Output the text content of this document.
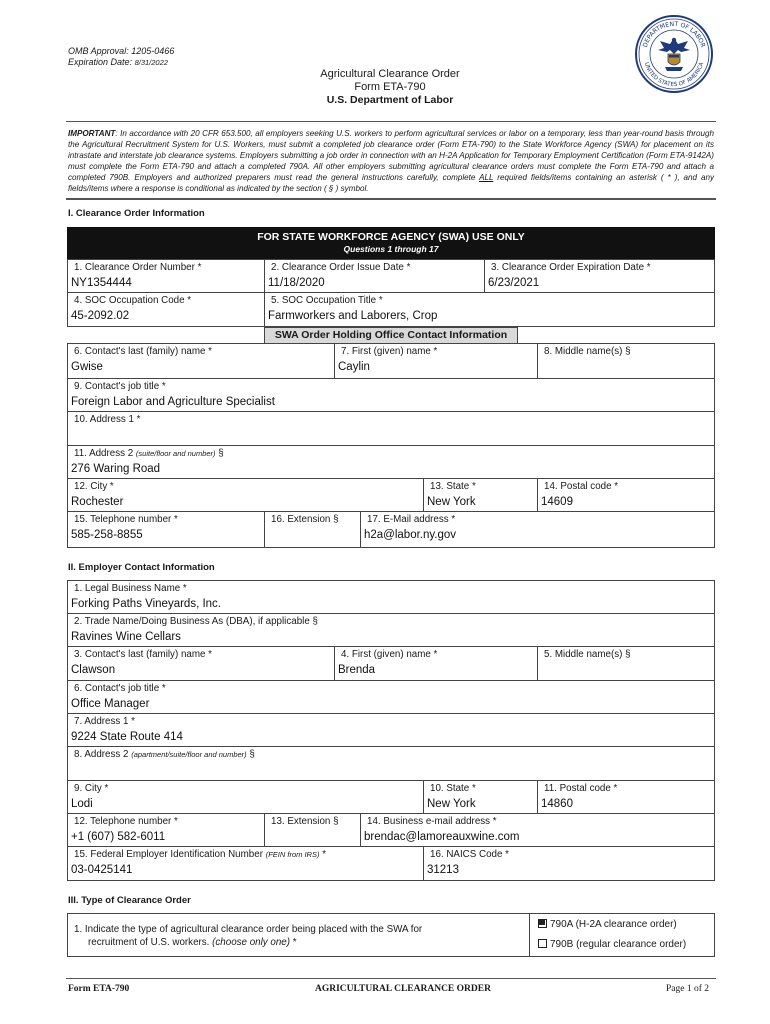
OMB Approval: 1205-0466
Expiration Date: 8/31/2022
DEPARTMENT OF LABOR
UNITED STATES OF AMERICA
Agricultural Clearance Order
Form ETA-790
U.S. Department of Labor
IMPORTANT: In accordance with 20 CFR 653.500, all employers seeking U.S. workers to perform agricultural services or labor on a temporary, less than year-round basis through the Agricultural Recruitment System for U.S. Workers, must submit a completed job clearance order (Form ETA-790) to the State Workforce Agency (SWA) for placement on its intrastate and interstate job clearance systems. Employers submitting a job order in connection with an H-2A Application for Temporary Employment Certification (Form ETA-9142A) must complete the Form ETA-790 and attach a completed 790A. All other employers submitting agricultural clearance orders must complete the Form ETA-790 and attach a completed 790B. Employers and authorized preparers must read the general instructions carefully, complete ALL required fields/items containing an asterisk ( * ), and any fields/items where a response is conditional as indicated by the section ( § ) symbol.
I. Clearance Order Information
FOR STATE WORKFORCE AGENCY (SWA) USE ONLY
Questions 1 through 17
1. Clearance Order Number *
NY1354444
2. Clearance Order Issue Date *
11/18/2020
3. Clearance Order Expiration Date *
6/23/2021
4. SOC Occupation Code *
45-2092.02
5. SOC Occupation Title *
Farmworkers and Laborers, Crop
SWA Order Holding Office Contact Information
6. Contact's last (family) name *
Gwise
7. First (given) name *
Caylin
8. Middle name(s) §
9. Contact's job title *
Foreign Labor and Agriculture Specialist
10. Address 1 *
11. Address 2 (suite/floor and number) §
276 Waring Road
12. City *
Rochester
13. State *
New York
14. Postal code *
14609
15. Telephone number *
585-258-8855
16. Extension §	17. E-Mail address *
h2a@labor.ny.gov
II. Employer Contact Information
1. Legal Business Name *
Forking Paths Vineyards, Inc.
2. Trade Name/Doing Business As (DBA), if applicable §
Ravines Wine Cellars
3. Contact's last (family) name *
Clawson
4. First (given) name *
Brenda
5. Middle name(s) §
6. Contact's job title *
Office Manager
7. Address 1 *
9224 State Route 414
8. Address 2 (apartment/suite/floor and number) §
9. City *
Lodi
10. State *
New York
11. Postal code *
14860
12. Telephone number *
+1 (607) 582-6011
13. Extension §	14. Business e-mail address *
brendac@lamoreauxwine.com
15. Federal Employer Identification Number (FEIN from IRS) *
03-0425141
16. NAICS Code *
31213
III. Type of Clearance Order
1. Indicate the type of agricultural clearance order being placed with the SWA for
recruitment of U.S. workers. (choose only one) *
790A (H-2A clearance order)
790B (regular clearance order)
Form ETA-790	AGRICULTURAL CLEARANCE ORDER	Page 1 of 2
